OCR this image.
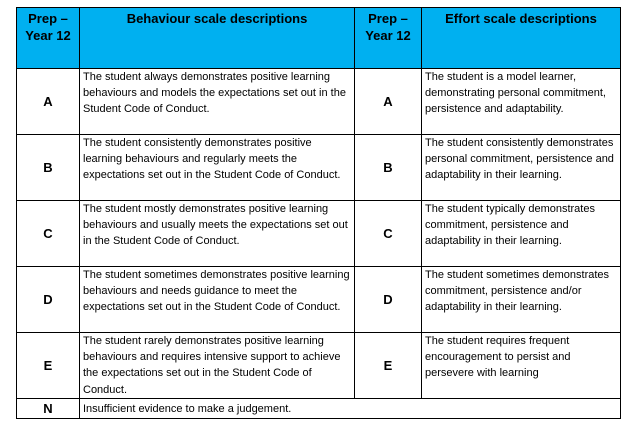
Prep – Year 12	Behaviour scale descriptions	Prep – Year 12	Effort scale descriptions
A	The student always demonstrates positive learning behaviours and models the expectations set out in the Student Code of Conduct.	A	The student is a model learner, demonstrating personal commitment, persistence and adaptability.

B	The student consistently demonstrates positive learning behaviours and regularly meets the expectations set out in the Student Code of Conduct.	B	The student consistently demonstrates personal commitment, persistence and adaptability in their learning.

C	The student mostly demonstrates positive learning behaviours and usually meets the expectations set out in the Student Code of Conduct.	C	The student typically demonstrates commitment, persistence and adaptability in their learning.

D	The student sometimes demonstrates positive learning behaviours and needs guidance to meet the expectations set out in the Student Code of Conduct.	D	The student sometimes demonstrates commitment, persistence and/or adaptability in their learning.

E	The student rarely demonstrates positive learning behaviours and requires intensive support to achieve the expectations set out in the Student Code of Conduct.	E	The student requires frequent encouragement to persist and persevere with learning

N	Insufficient evidence to make a judgement.		
